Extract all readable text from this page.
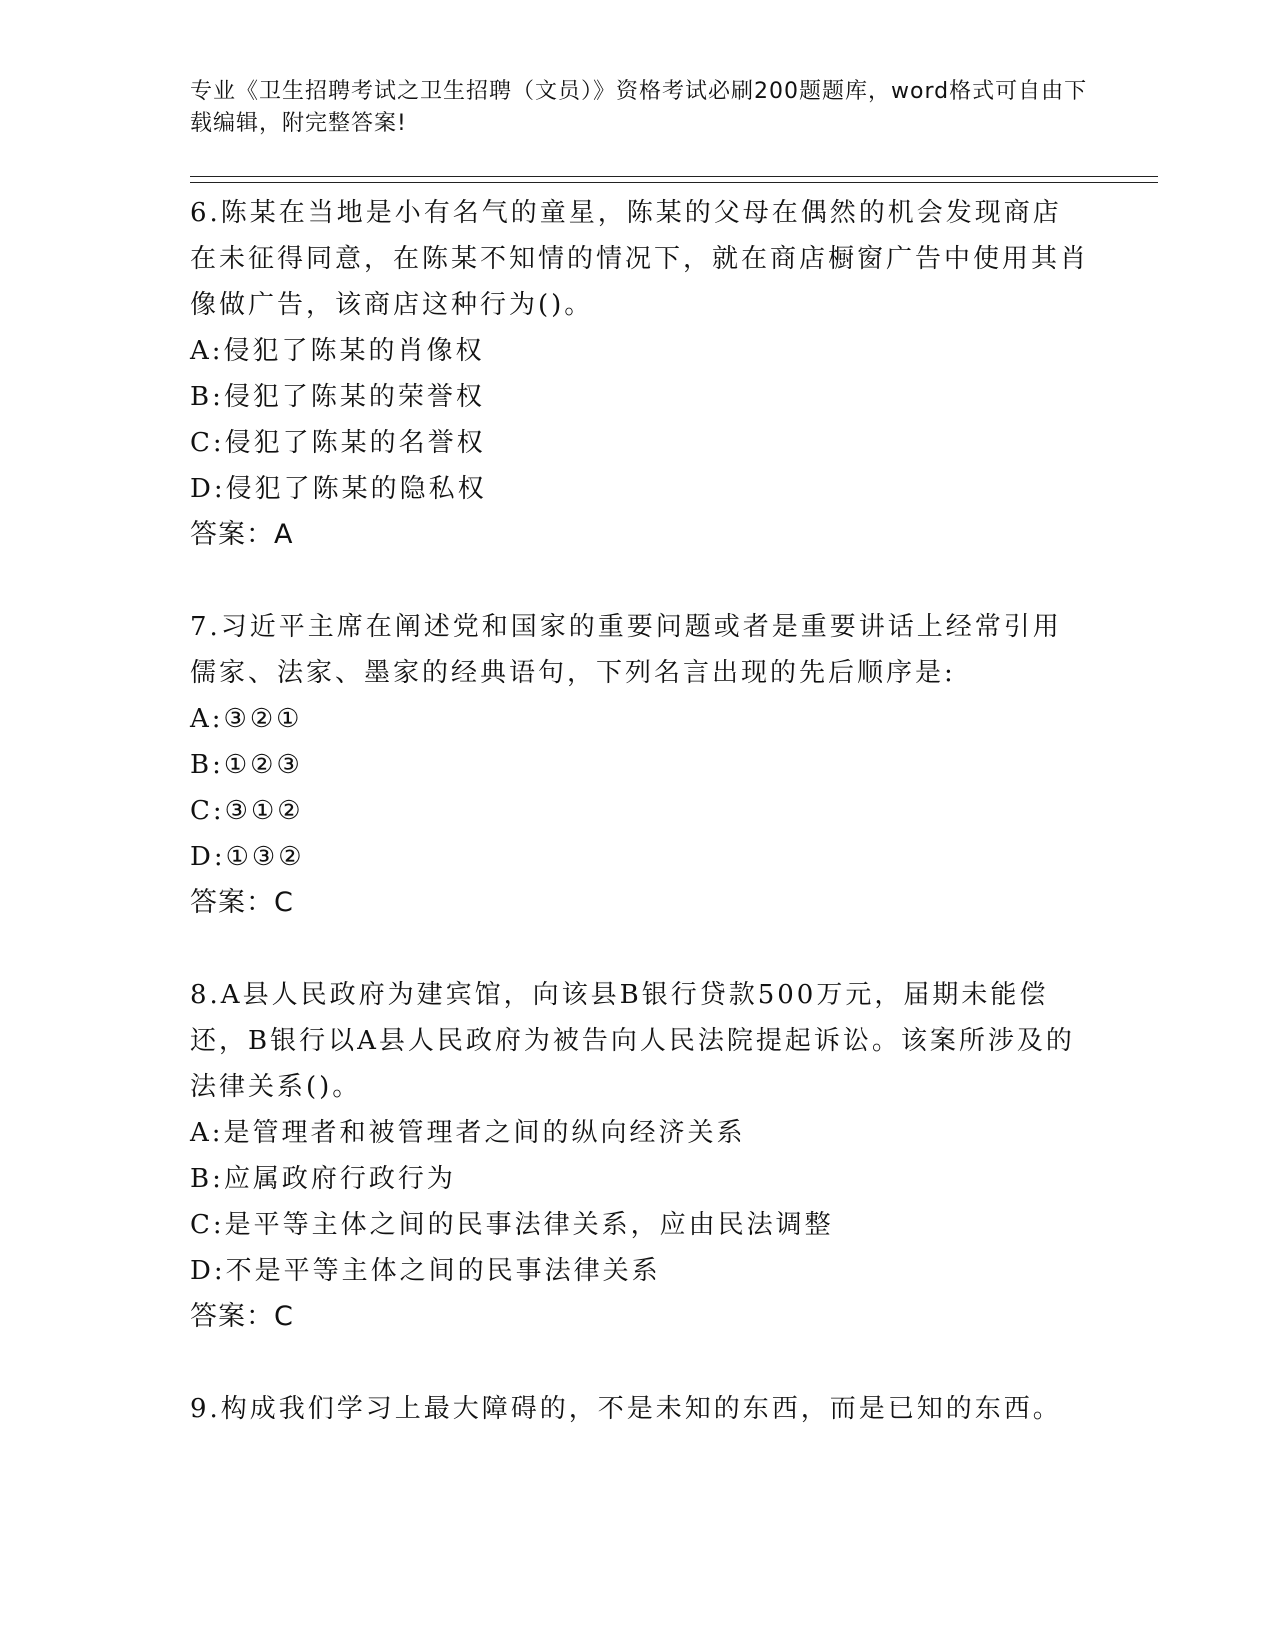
专业《卫生招聘考试之卫生招聘（文员）》资格考试必刷200题题库，word格式可自由下载编辑，附完整答案!
6.陈某在当地是小有名气的童星，陈某的父母在偶然的机会发现商店在未征得同意，在陈某不知情的情况下，就在商店橱窗广告中使用其肖像做广告，该商店这种行为()。
A:侵犯了陈某的肖像权
B:侵犯了陈某的荣誉权
C:侵犯了陈某的名誉权
D:侵犯了陈某的隐私权
答案：A
7.习近平主席在阐述党和国家的重要问题或者是重要讲话上经常引用儒家、法家、墨家的经典语句，下列名言出现的先后顺序是:
A:③②①
B:①②③
C:③①②
D:①③②
答案：C
8.A县人民政府为建宾馆，向该县B银行贷款500万元，届期未能偿还，B银行以A县人民政府为被告向人民法院提起诉讼。该案所涉及的法律关系()。
A:是管理者和被管理者之间的纵向经济关系
B:应属政府行政行为
C:是平等主体之间的民事法律关系，应由民法调整
D:不是平等主体之间的民事法律关系
答案：C
9.构成我们学习上最大障碍的，不是未知的东西，而是已知的东西。
